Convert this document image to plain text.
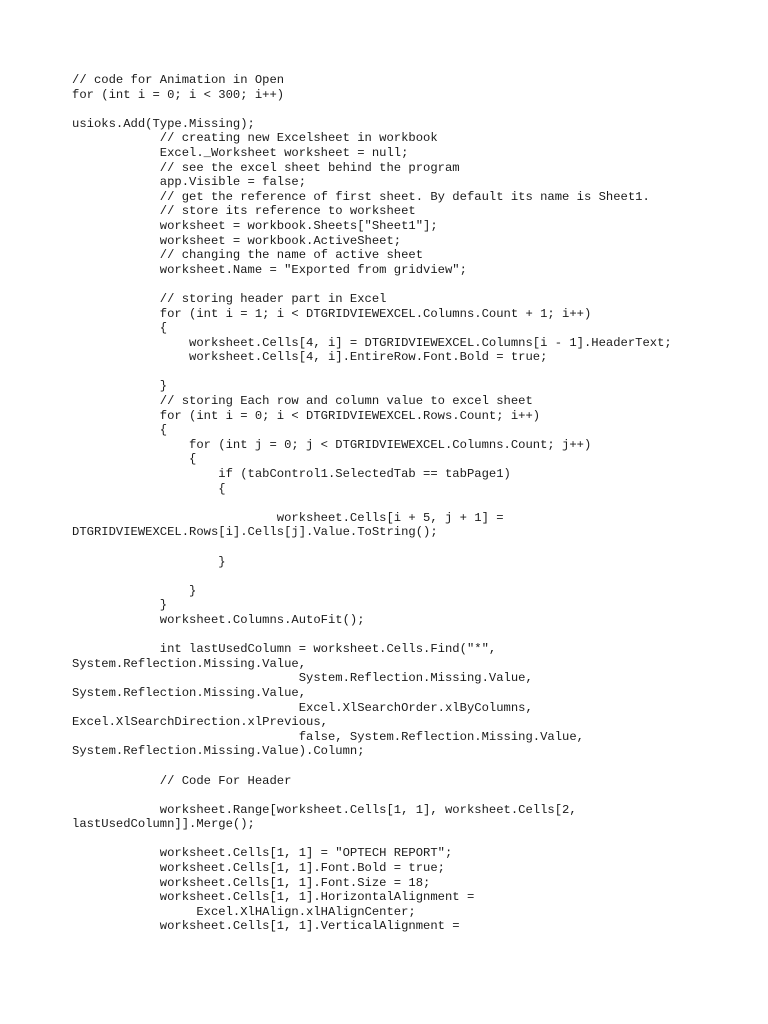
// code for Animation in Open
for (int i = 0; i < 300; i++)
usioks.Add(Type.Missing);
// creating new Excelsheet in workbook
Excel._Worksheet worksheet = null;
// see the excel sheet behind the program
app.Visible = false;
// get the reference of first sheet. By default its name is Sheet1.
// store its reference to worksheet
worksheet = workbook.Sheets["Sheet1"];
worksheet = workbook.ActiveSheet;
// changing the name of active sheet
worksheet.Name = "Exported from gridview";
// storing header part in Excel
for (int i = 1; i < DTGRIDVIEWEXCEL.Columns.Count + 1; i++)
{
worksheet.Cells[4, i] = DTGRIDVIEWEXCEL.Columns[i - 1].HeaderText;
worksheet.Cells[4, i].EntireRow.Font.Bold = true;
}
// storing Each row and column value to excel sheet
for (int i = 0; i < DTGRIDVIEWEXCEL.Rows.Count; i++)
{
for (int j = 0; j < DTGRIDVIEWEXCEL.Columns.Count; j++)
{
if (tabControl1.SelectedTab == tabPage1)
{
worksheet.Cells[i + 5, j + 1] =
DTGRIDVIEWEXCEL.Rows[i].Cells[j].Value.ToString();
}
}
}
worksheet.Columns.AutoFit();
int lastUsedColumn = worksheet.Cells.Find("*",
System.Reflection.Missing.Value,
System.Reflection.Missing.Value,
System.Reflection.Missing.Value,
Excel.XlSearchOrder.xlByColumns,
Excel.XlSearchDirection.xlPrevious,
false, System.Reflection.Missing.Value,
System.Reflection.Missing.Value).Column;
// Code For Header
worksheet.Range[worksheet.Cells[1, 1], worksheet.Cells[2,
lastUsedColumn]].Merge();
worksheet.Cells[1, 1] = "OPTECH REPORT";
worksheet.Cells[1, 1].Font.Bold = true;
worksheet.Cells[1, 1].Font.Size = 18;
worksheet.Cells[1, 1].HorizontalAlignment =
Excel.XlHAlign.xlHAlignCenter;
worksheet.Cells[1, 1].VerticalAlignment =
